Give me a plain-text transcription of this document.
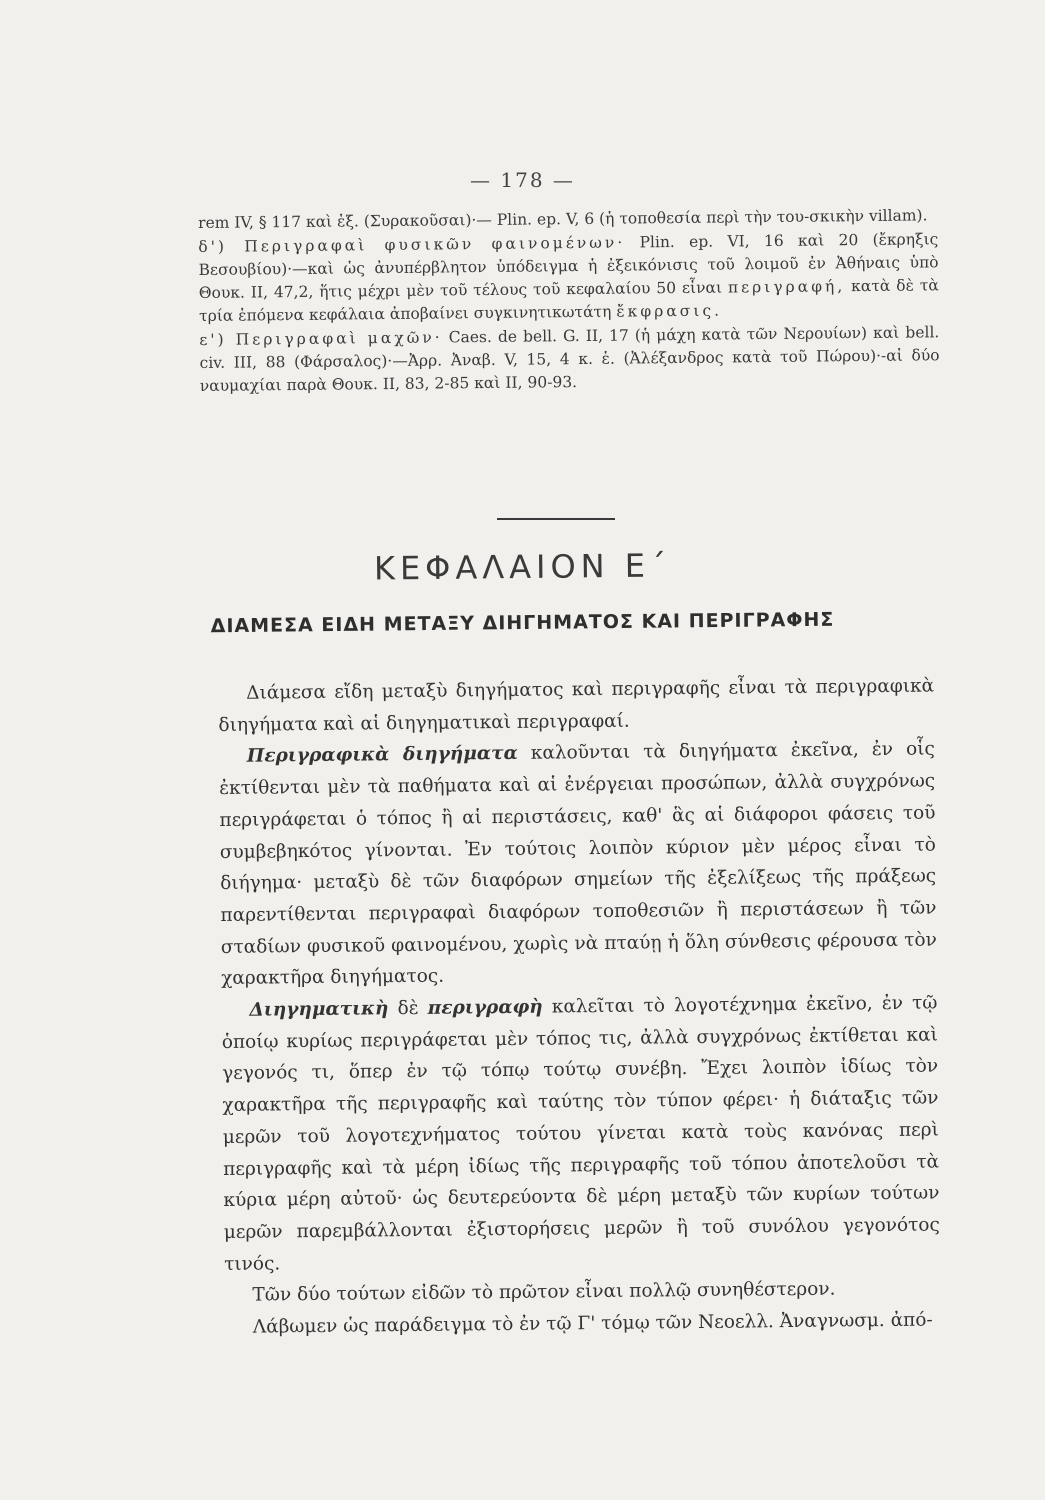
— 178 —

rem IV, § 117 καὶ ἑξ. (Συρακοῦσαι)·— Plin. ep. V, 6 (ἡ τοποθεσία περὶ τὴν του-σκικὴν villam).

δ') Περιγραφαὶ φυσικῶν φαινομένων· Plin. ep. VI, 16 καὶ 20 (ἔκρηξις Βεσουβίου)·—καὶ ὡς ἀνυπέρβλητον ὑπόδειγμα ἡ ἐξεικόνισις τοῦ λοιμοῦ ἐν Ἀθήναις ὑπὸ Θουκ. II, 47,2, ἥτις μέχρι μὲν τοῦ τέλους τοῦ κεφαλαίου 50 εἶναι περιγραφή, κατὰ δὲ τὰ τρία ἑπόμενα κεφάλαια ἀποβαίνει συγκινητικωτάτη ἔκφρασις.

ε') Περιγραφαὶ μαχῶν· Caes. de bell. G. II, 17 (ἡ μάχη κατὰ τῶν Νερουίων) καὶ bell. civ. III, 88 (Φάρσαλος)·—Ἀρρ. Ἀναβ. V, 15, 4 κ. ἑ. (Ἀλέξανδρος κατὰ τοῦ Πώρου)·-αἱ δύο ναυμαχίαι παρὰ Θουκ. II, 83, 2-85 καὶ II, 90-93.

ΚΕΦΑΛΑΙΟΝ Ε΄
ΔΙΑΜΕΣΑ ΕΙΔΗ ΜΕΤΑΞΥ ΔΙΗΓΗΜΑΤΟΣ ΚΑΙ ΠΕΡΙΓΡΑΦΗΣ

Διάμεσα εἴδη μεταξὺ διηγήματος καὶ περιγραφῆς εἶναι τὰ περιγραφικὰ διηγήματα καὶ αἱ διηγηματικαὶ περιγραφαί.

Περιγραφικὰ διηγήματα καλοῦνται τὰ διηγήματα ἐκεῖνα, ἐν οἷς ἐκτίθενται μὲν τὰ παθήματα καὶ αἱ ἐνέργειαι προσώπων, ἀλλὰ συγχρόνως περιγράφεται ὁ τόπος ἢ αἱ περιστάσεις, καθ' ἃς αἱ διάφοροι φάσεις τοῦ συμβεβηκότος γίνονται. Ἐν τούτοις λοιπὸν κύριον μὲν μέρος εἶναι τὸ διήγημα· μεταξὺ δὲ τῶν διαφόρων σημείων τῆς ἐξελίξεως τῆς πράξεως παρεντίθενται περιγραφαὶ διαφόρων τοποθεσιῶν ἢ περιστάσεων ἢ τῶν σταδίων φυσικοῦ φαινομένου, χωρὶς νὰ πταύῃ ἡ ὅλη σύνθεσις φέρουσα τὸν χαρακτῆρα διηγήματος.

Διηγηματικὴ δὲ περιγραφὴ καλεῖται τὸ λογοτέχνημα ἐκεῖνο, ἐν τῷ ὁποίῳ κυρίως περιγράφεται μὲν τόπος τις, ἀλλὰ συγχρόνως ἐκτίθεται καὶ γεγονός τι, ὅπερ ἐν τῷ τόπῳ τούτῳ συνέβη. Ἔχει λοιπὸν ἰδίως τὸν χαρακτῆρα τῆς περιγραφῆς καὶ ταύτης τὸν τύπον φέρει· ἡ διάταξις τῶν μερῶν τοῦ λογοτεχνήματος τούτου γίνεται κατὰ τοὺς κανόνας περὶ περιγραφῆς καὶ τὰ μέρη ἰδίως τῆς περιγραφῆς τοῦ τόπου ἀποτελοῦσι τὰ κύρια μέρη αὐτοῦ· ὡς δευτερεύοντα δὲ μέρη μεταξὺ τῶν κυρίων τούτων μερῶν παρεμβάλλονται ἐξιστορήσεις μερῶν ἢ τοῦ συνόλου γεγονότος τινός.

Τῶν δύο τούτων εἰδῶν τὸ πρῶτον εἶναι πολλῷ συνηθέστερον.

Λάβωμεν ὡς παράδειγμα τὸ ἐν τῷ Γ' τόμῳ τῶν Νεοελλ. Ἀναγνωσμ. ἀπό-
